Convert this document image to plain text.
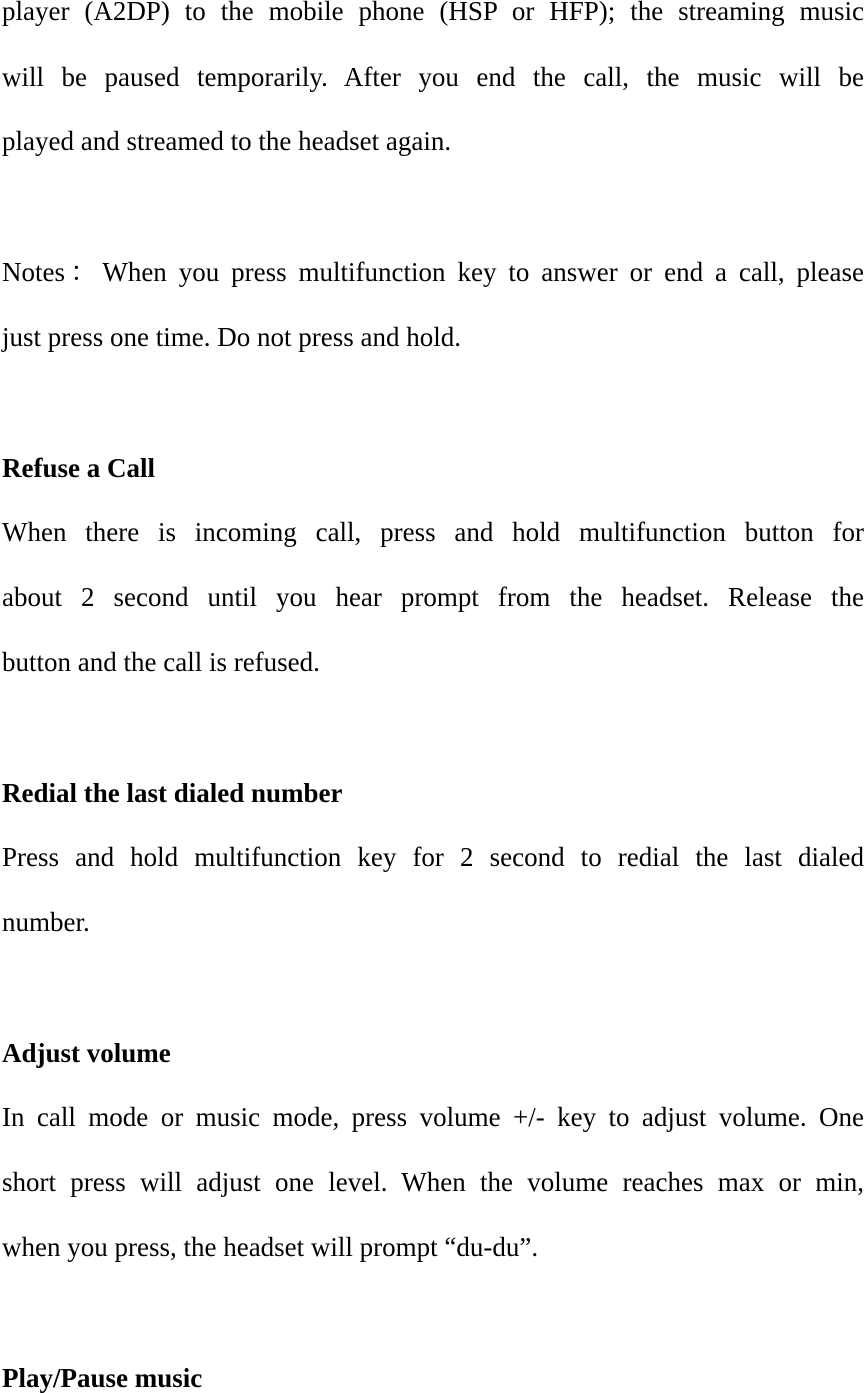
player (A2DP) to the mobile phone (HSP or HFP); the streaming music
will be paused temporarily. After you end the call, the music will be
played and streamed to the headset again.
Notes：When you press multifunction key to answer or end a call, please
just press one time. Do not press and hold.
Refuse a Call
When there is incoming call, press and hold multifunction button for
about 2 second until you hear prompt from the headset. Release the
button and the call is refused.
Redial the last dialed number
Press and hold multifunction key for 2 second to redial the last dialed
number.
Adjust volume
In call mode or music mode, press volume +/- key to adjust volume. One
short press will adjust one level. When the volume reaches max or min,
when you press, the headset will prompt “du-du”.
Play/Pause music
